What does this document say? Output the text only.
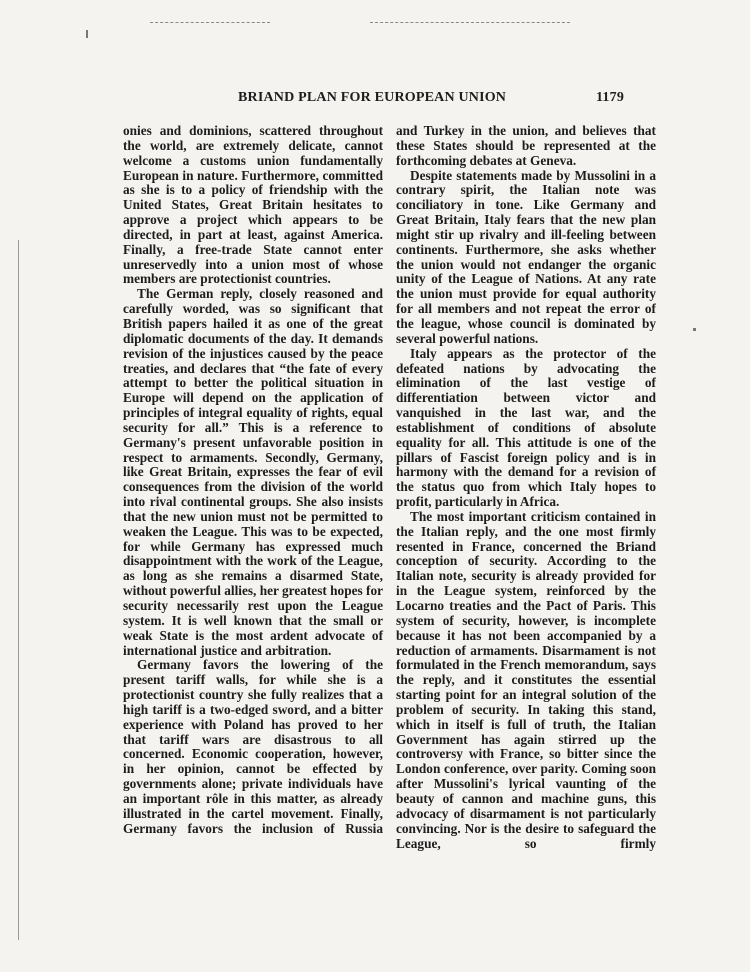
BRIAND PLAN FOR EUROPEAN UNION	1179

onies and dominions, scattered throughout the world, are extremely delicate, cannot welcome a customs union fundamentally European in nature. Furthermore, committed as she is to a policy of friendship with the United States, Great Britain hesitates to approve a project which appears to be directed, in part at least, against America. Finally, a free-trade State cannot enter unreservedly into a union most of whose members are protectionist countries.

The German reply, closely reasoned and carefully worded, was so significant that British papers hailed it as one of the great diplomatic documents of the day. It demands revision of the injustices caused by the peace treaties, and declares that “the fate of every attempt to better the political situation in Europe will depend on the application of principles of integral equality of rights, equal security for all.” This is a reference to Germany's present unfavorable position in respect to armaments. Secondly, Germany, like Great Britain, expresses the fear of evil consequences from the division of the world into rival continental groups. She also insists that the new union must not be permitted to weaken the League. This was to be expected, for while Germany has expressed much disappointment with the work of the League, as long as she remains a disarmed State, without powerful allies, her greatest hopes for security necessarily rest upon the League system. It is well known that the small or weak State is the most ardent advocate of international justice and arbitration.

Germany favors the lowering of the present tariff walls, for while she is a protectionist country she fully realizes that a high tariff is a two-edged sword, and a bitter experience with Poland has proved to her that tariff wars are disastrous to all concerned. Economic cooperation, however, in her opinion, cannot be effected by governments alone; private individuals have an important rôle in this matter, as already illustrated in the cartel movement. Finally, Germany favors the inclusion of Russia

and Turkey in the union, and believes that these States should be represented at the forthcoming debates at Geneva.

Despite statements made by Mussolini in a contrary spirit, the Italian note was conciliatory in tone. Like Germany and Great Britain, Italy fears that the new plan might stir up rivalry and ill-feeling between continents. Furthermore, she asks whether the union would not endanger the organic unity of the League of Nations. At any rate the union must provide for equal authority for all members and not repeat the error of the league, whose council is dominated by several powerful nations.

Italy appears as the protector of the defeated nations by advocating the elimination of the last vestige of differentiation between victor and vanquished in the last war, and the establishment of conditions of absolute equality for all. This attitude is one of the pillars of Fascist foreign policy and is in harmony with the demand for a revision of the status quo from which Italy hopes to profit, particularly in Africa.

The most important criticism contained in the Italian reply, and the one most firmly resented in France, concerned the Briand conception of security. According to the Italian note, security is already provided for in the League system, reinforced by the Locarno treaties and the Pact of Paris. This system of security, however, is incomplete because it has not been accompanied by a reduction of armaments. Disarmament is not formulated in the French memorandum, says the reply, and it constitutes the essential starting point for an integral solution of the problem of security. In taking this stand, which in itself is full of truth, the Italian Government has again stirred up the controversy with France, so bitter since the London conference, over parity. Coming soon after Mussolini's lyrical vaunting of the beauty of cannon and machine guns, this advocacy of disarmament is not particularly convincing. Nor is the desire to safeguard the League, so firmly
